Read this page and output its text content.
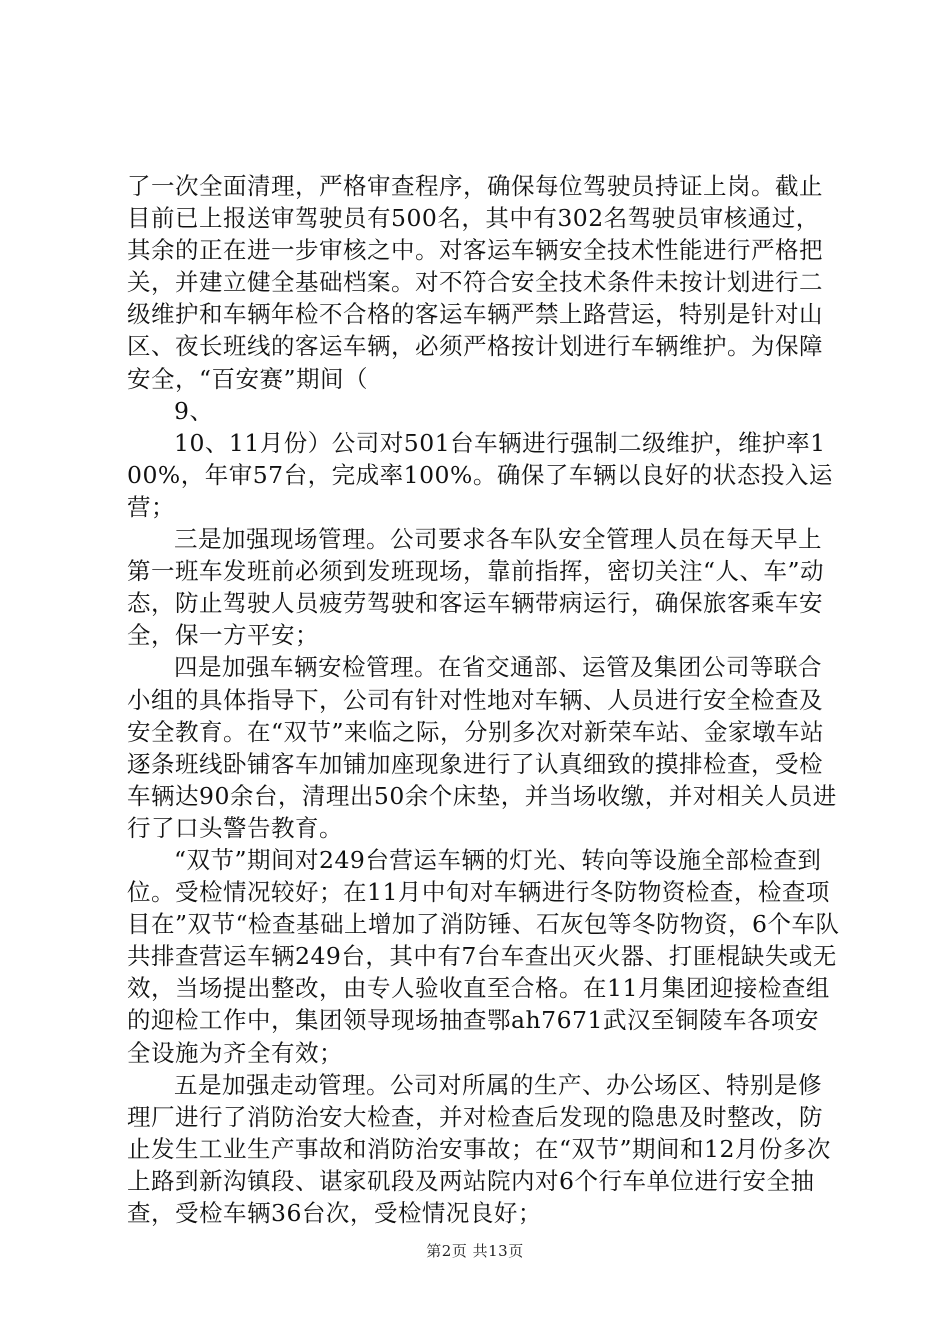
了一次全面清理，严格审查程序，确保每位驾驶员持证上岗。截止目前已上报送审驾驶员有500名，其中有302名驾驶员审核通过，其余的正在进一步审核之中。对客运车辆安全技术性能进行严格把关，并建立健全基础档案。对不符合安全技术条件未按计划进行二级维护和车辆年检不合格的客运车辆严禁上路营运，特别是针对山区、夜长班线的客运车辆，必须严格按计划进行车辆维护。为保障安全，“百安赛”期间（

9、

10、11月份）公司对501台车辆进行强制二级维护，维护率100%，年审57台，完成率100%。确保了车辆以良好的状态投入运营；

三是加强现场管理。公司要求各车队安全管理人员在每天早上第一班车发班前必须到发班现场，靠前指挥，密切关注“人、车”动态，防止驾驶人员疲劳驾驶和客运车辆带病运行，确保旅客乘车安全，保一方平安；

四是加强车辆安检管理。在省交通部、运管及集团公司等联合小组的具体指导下，公司有针对性地对车辆、人员进行安全检查及安全教育。在“双节”来临之际，分别多次对新荣车站、金家墩车站逐条班线卧铺客车加铺加座现象进行了认真细致的摸排检查，受检车辆达90余台，清理出50余个床垫，并当场收缴，并对相关人员进行了口头警告教育。

“双节”期间对249台营运车辆的灯光、转向等设施全部检查到位。受检情况较好；在11月中旬对车辆进行冬防物资检查，检查项目在”双节“检查基础上增加了消防锤、石灰包等冬防物资，6个车队共排查营运车辆249台，其中有7台车查出灭火器、打匪棍缺失或无效，当场提出整改，由专人验收直至合格。在11月集团迎接检查组的迎检工作中，集团领导现场抽查鄂ah7671武汉至铜陵车各项安全设施为齐全有效；

五是加强走动管理。公司对所属的生产、办公场区、特别是修理厂进行了消防治安大检查，并对检查后发现的隐患及时整改，防止发生工业生产事故和消防治安事故；在“双节”期间和12月份多次上路到新沟镇段、谌家矶段及两站院内对6个行车单位进行安全抽查，受检车辆36台次，受检情况良好；

第2页 共13页
